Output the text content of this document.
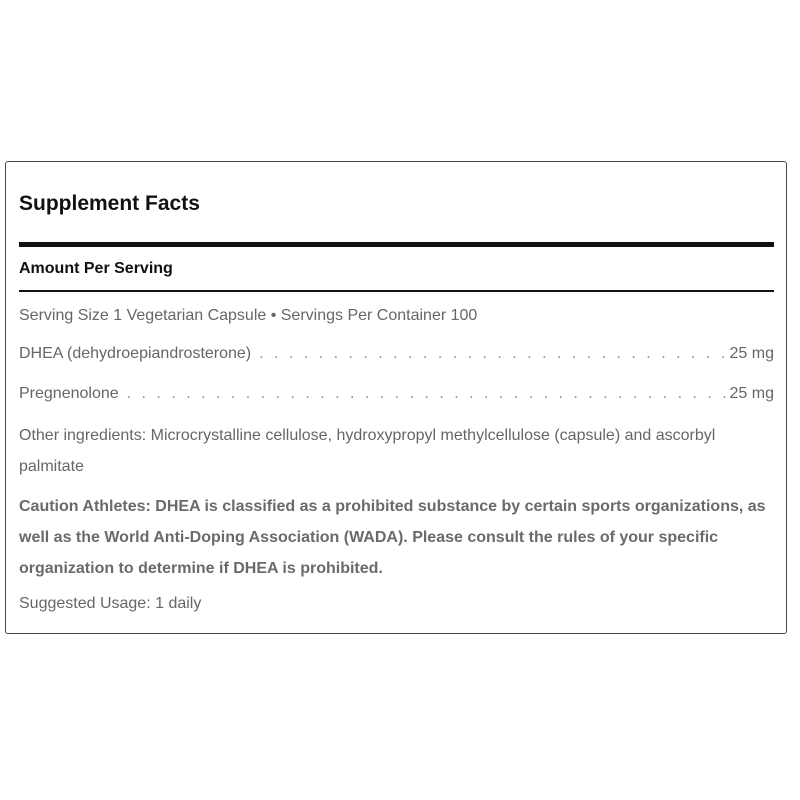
Supplement Facts
Amount Per Serving
Serving Size 1 Vegetarian Capsule • Servings Per Container 100
DHEA (dehydroepiandrosterone) . . .	25 mg
Pregnenolone . . .	25 mg
Other ingredients: Microcrystalline cellulose, hydroxypropyl methylcellulose (capsule) and ascorbyl palmitate
Caution Athletes: DHEA is classified as a prohibited substance by certain sports organizations, as well as the World Anti-Doping Association (WADA). Please consult the rules of your specific organization to determine if DHEA is prohibited.
Suggested Usage: 1 daily
